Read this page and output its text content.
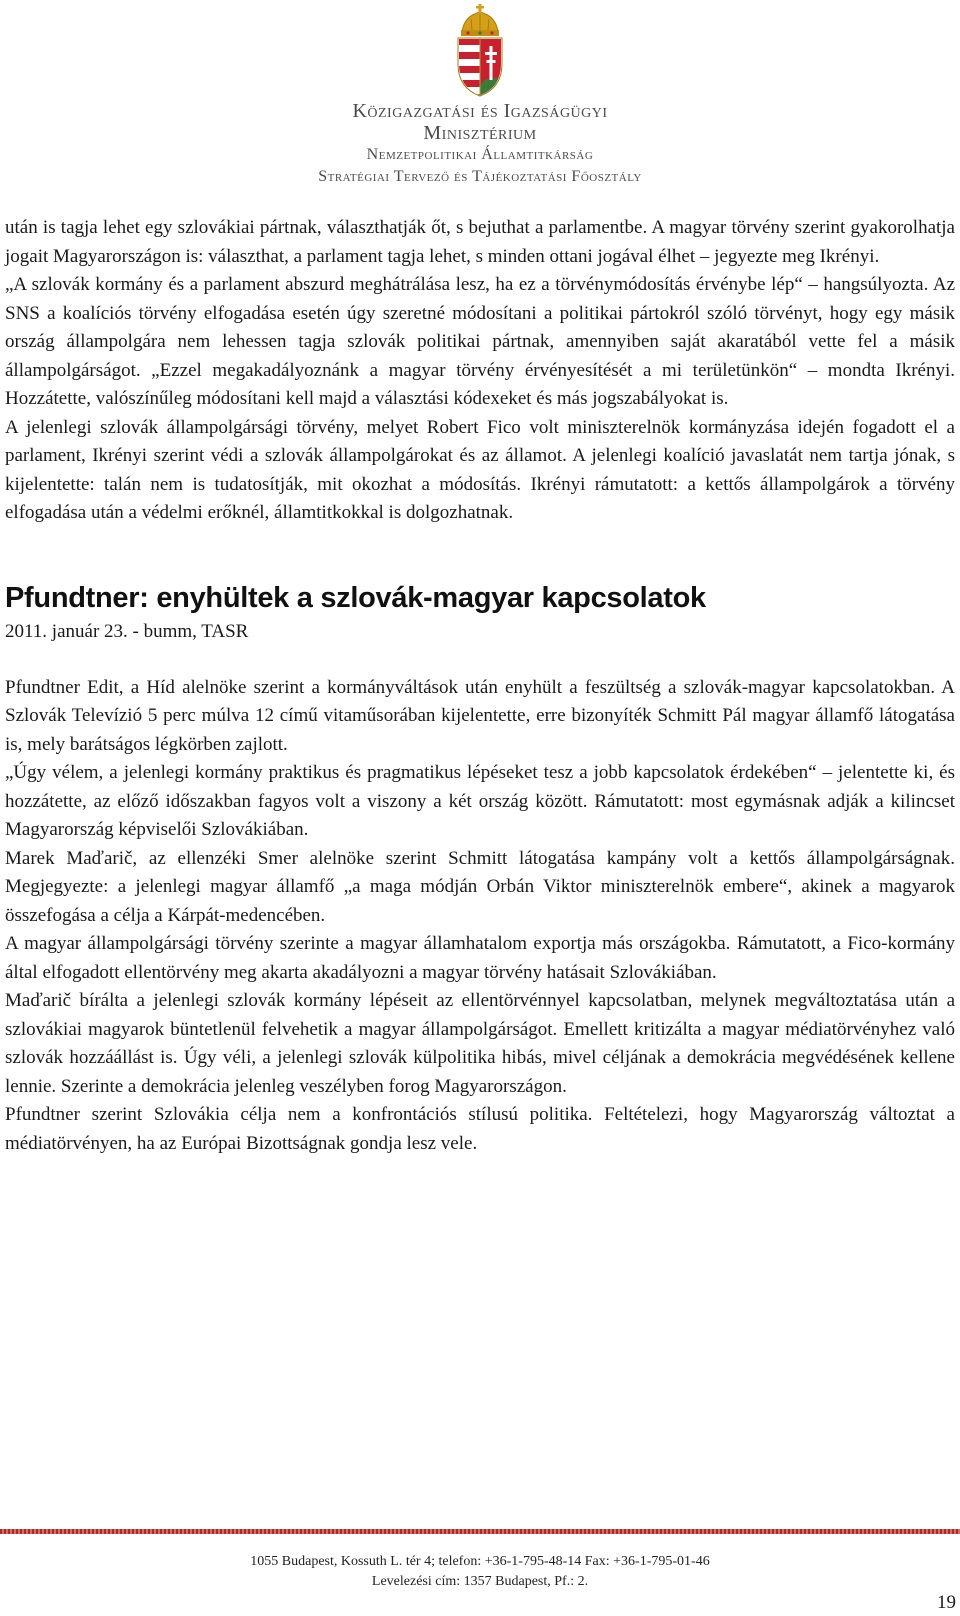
Közigazgatási és Igazságügyi
Minisztérium
Nemzetpolitikai Államtitkárság
Stratégiai Tervező és Tájékoztatási Főosztály

után is tagja lehet egy szlovákiai pártnak, választhatják őt, s bejuthat a parlamentbe. A magyar törvény szerint gyakorolhatja jogait Magyarországon is: választhat, a parlament tagja lehet, s minden ottani jogával élhet – jegyezte meg Ikrényi.

„A szlovák kormány és a parlament abszurd meghátrálása lesz, ha ez a törvénymódosítás érvénybe lép“ – hangsúlyozta. Az SNS a koalíciós törvény elfogadása esetén úgy szeretné módosítani a politikai pártokról szóló törvényt, hogy egy másik ország állampolgára nem lehessen tagja szlovák politikai pártnak, amennyiben saját akaratából vette fel a másik állampolgárságot. „Ezzel megakadályoznánk a magyar törvény érvényesítését a mi területünkön“ – mondta Ikrényi. Hozzátette, valószínűleg módosítani kell majd a választási kódexeket és más jogszabályokat is.

A jelenlegi szlovák állampolgársági törvény, melyet Robert Fico volt miniszterelnök kormányzása idején fogadott el a parlament, Ikrényi szerint védi a szlovák állampolgárokat és az államot. A jelenlegi koalíció javaslatát nem tartja jónak, s kijelentette: talán nem is tudatosítják, mit okozhat a módosítás. Ikrényi rámutatott: a kettős állampolgárok a törvény elfogadása után a védelmi erőknél, államtitkokkal is dolgozhatnak.

Pfundtner: enyhültek a szlovák-magyar kapcsolatok
2011. január 23. - bumm, TASR

Pfundtner Edit, a Híd alelnöke szerint a kormányváltások után enyhült a feszültség a szlovák-magyar kapcsolatokban. A Szlovák Televízió 5 perc múlva 12 című vitaműsorában kijelentette, erre bizonyíték Schmitt Pál magyar államfő látogatása is, mely barátságos légkörben zajlott.

„Úgy vélem, a jelenlegi kormány praktikus és pragmatikus lépéseket tesz a jobb kapcsolatok érdekében“ – jelentette ki, és hozzátette, az előző időszakban fagyos volt a viszony a két ország között. Rámutatott: most egymásnak adják a kilincset Magyarország képviselői Szlovákiában.

Marek Maďarič, az ellenzéki Smer alelnöke szerint Schmitt látogatása kampány volt a kettős állampolgárságnak. Megjegyezte: a jelenlegi magyar államfő „a maga módján Orbán Viktor miniszterelnök embere“, akinek a magyarok összefogása a célja a Kárpát-medencében.

A magyar állampolgársági törvény szerinte a magyar államhatalom exportja más országokba. Rámutatott, a Fico-kormány által elfogadott ellentörvény meg akarta akadályozni a magyar törvény hatásait Szlovákiában.

Maďarič bírálta a jelenlegi szlovák kormány lépéseit az ellentörvénnyel kapcsolatban, melynek megváltoztatása után a szlovákiai magyarok büntetlenül felvehetik a magyar állampolgárságot. Emellett kritizálta a magyar médiatörvényhez való szlovák hozzáállást is. Úgy véli, a jelenlegi szlovák külpolitika hibás, mivel céljának a demokrácia megvédésének kellene lennie. Szerinte a demokrácia jelenleg veszélyben forog Magyarországon.

Pfundtner szerint Szlovákia célja nem a konfrontációs stílusú politika. Feltételezi, hogy Magyarország változtat a médiatörvényen, ha az Európai Bizottságnak gondja lesz vele.

1055 Budapest, Kossuth L. tér 4; telefon: +36-1-795-48-14 Fax: +36-1-795-01-46
Levelezési cím: 1357 Budapest, Pf.: 2.
19
